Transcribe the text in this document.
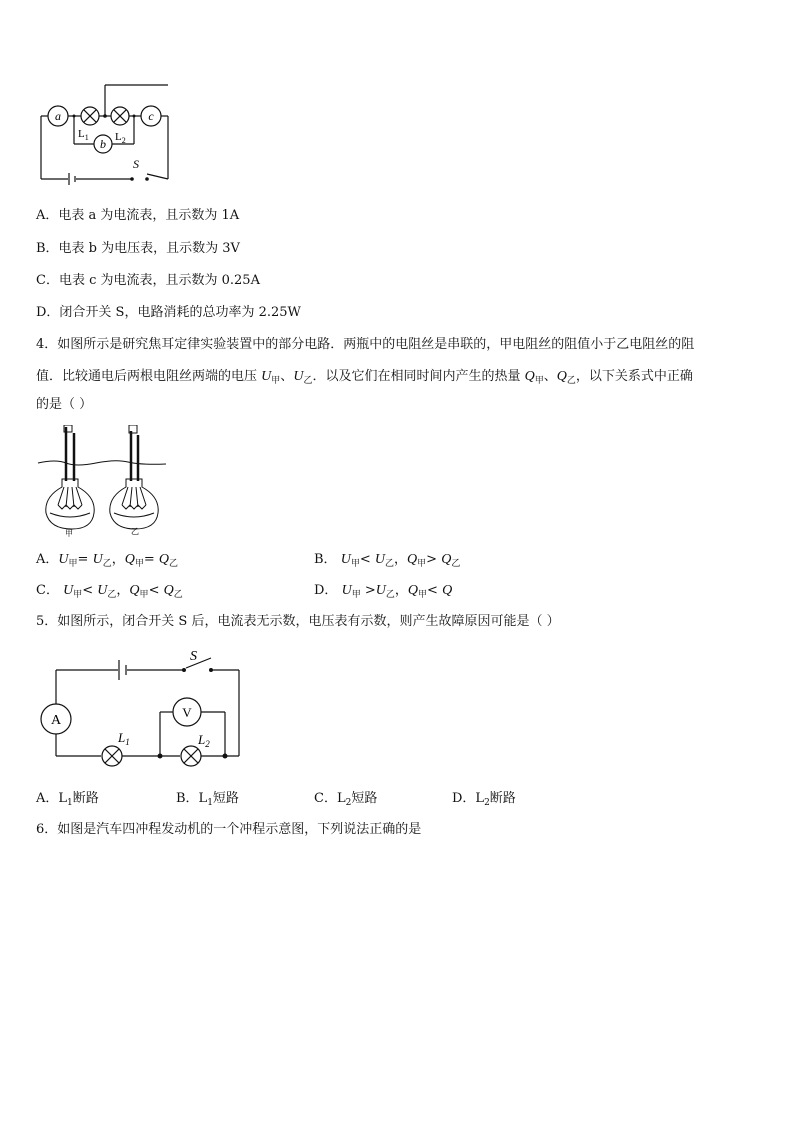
a
b
c
$L_1$ $L_2$
S
A．电表 a 为电流表，且示数为 1A
B．电表 b 为电压表，且示数为 3V
C．电表 c 为电流表，且示数为 0.25A
D．闭合开关 S，电路消耗的总功率为 2.25W
4．如图所示是研究焦耳定律实验装置中的部分电路．两瓶中的电阻丝是串联的，甲电阻丝的阻值小于乙电阻丝的阻
值．比较通电后两根电阻丝两端的电压 $U_甲$、$U_乙$．以及它们在相同时间内产生的热量 $Q_甲$、$Q_乙$，以下关系式中正确
的是（ ）
甲	乙
A．$U_甲= U_乙$，$Q_甲= Q_乙$	B． $U_甲< U_乙$，$Q_甲> Q_乙$
C． $U_甲< U_乙$，$Q_甲< Q_乙$	D． $U_甲 >U_乙$，$Q_甲< Q$
5．如图所示，闭合开关 S 后，电流表无示数，电压表有示数，则产生故障原因可能是（ ）
S
A
V
$L_1$	$L_2$
A．$L_1$断路	B．$L_1$短路	C．$L_2$短路	D．$L_2$断路
6．如图是汽车四冲程发动机的一个冲程示意图，下列说法正确的是
